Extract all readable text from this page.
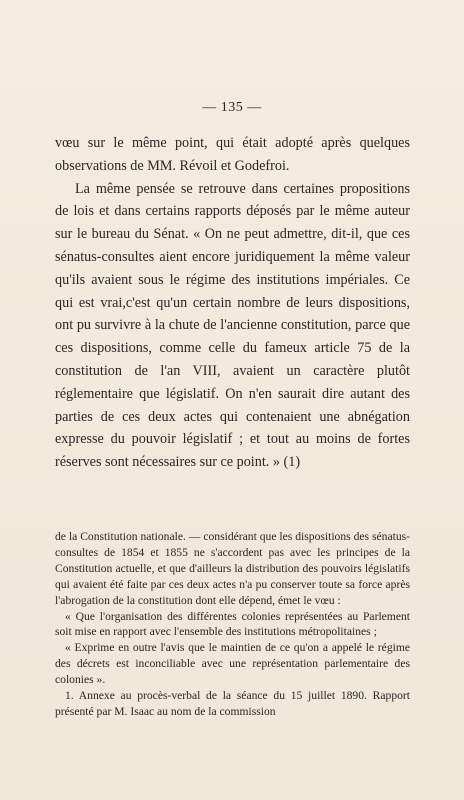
— 135 —

vœu sur le même point, qui était adopté après quelques observations de MM. Révoil et Godefroi.

La même pensée se retrouve dans certaines propositions de lois et dans certains rapports déposés par le même auteur sur le bureau du Sénat. « On ne peut admettre, dit-il, que ces sénatus-consultes aient encore juridiquement la même valeur qu'ils avaient sous le régime des institutions impériales. Ce qui est vrai,c'est qu'un certain nombre de leurs dispositions, ont pu survivre à la chute de l'ancienne constitution, parce que ces dispositions, comme celle du fameux article 75 de la constitution de l'an VIII, avaient un caractère plutôt réglementaire que législatif. On n'en saurait dire autant des parties de ces deux actes qui contenaient une abnégation expresse du pouvoir législatif ; et tout au moins de fortes réserves sont nécessaires sur ce point. » (1)

de la Constitution nationale. — considérant que les dispositions des sénatus-consultes de 1854 et 1855 ne s'accordent pas avec les principes de la Constitution actuelle, et que d'ailleurs la distribution des pouvoirs législatifs qui avaient été faite par ces deux actes n'a pu conserver toute sa force après l'abrogation de la constitution dont elle dépend, émet le vœu :

« Que l'organisation des différentes colonies représentées au Parlement soit mise en rapport avec l'ensemble des institutions métropolitaines ;

« Exprime en outre l'avis que le maintien de ce qu'on a appelé le régime des décrets est inconciliable avec une représentation parlementaire des colonies ».

1. Annexe au procès-verbal de la séance du 15 juillet 1890. Rapport présenté par M. Isaac au nom de la commission
